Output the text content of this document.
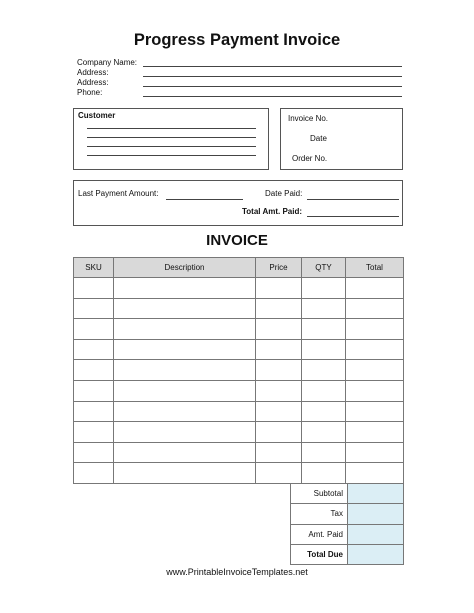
Progress Payment Invoice
Company Name:
Address:
Address:
Phone:
Customer	Invoice No.
Date
Order No.
Last Payment Amount:	Date Paid:
Total Amt. Paid:
INVOICE
SKU	Description	Price	QTY	Total

Subtotal	
Tax	
Amt. Paid	
Total Due	
www.PrintableInvoiceTemplates.net
